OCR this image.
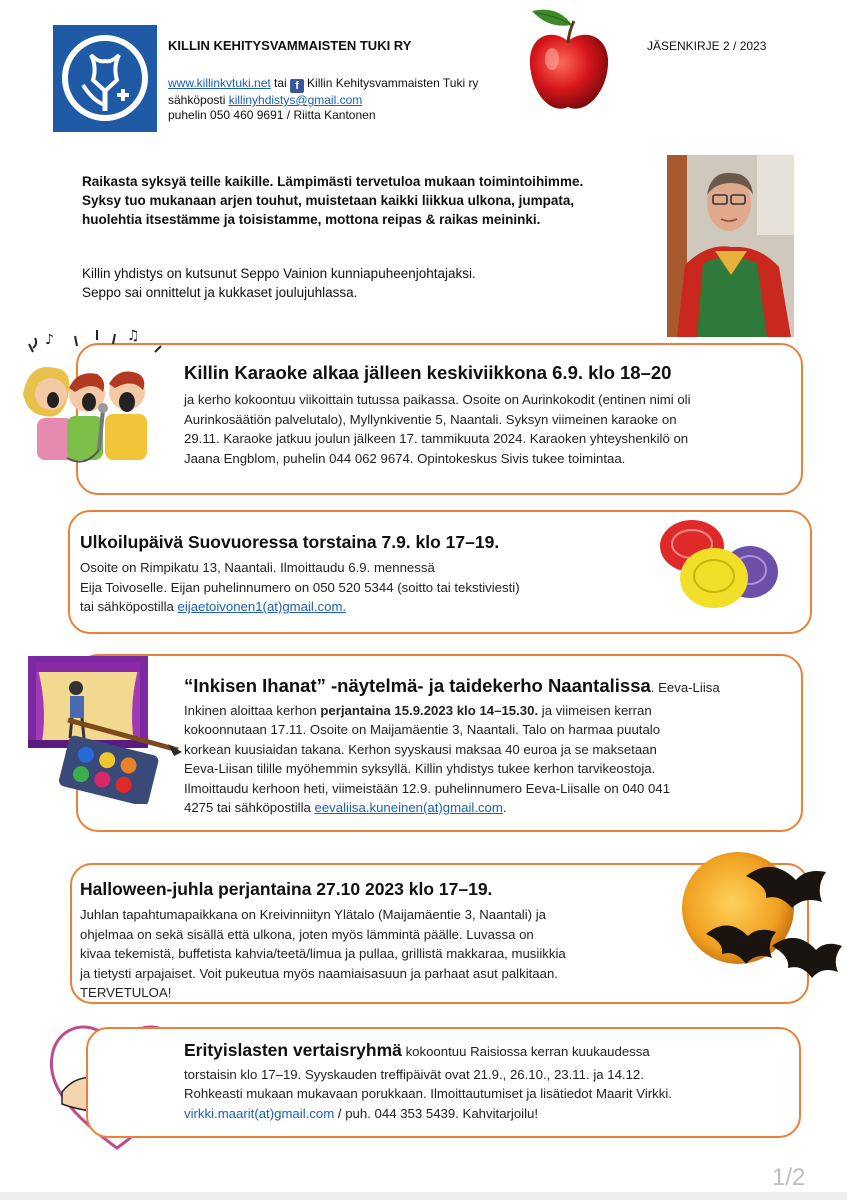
KILLIN KEHITYSVAMMAISTEN TUKI RY	JÄSENKIRJE 2 / 2023
www.killinkvtuki.net tai f Killin Kehitysvammaisten Tuki ry
sähköposti killinyhdistys@gmail.com
puhelin 050 460 9691 / Riitta Kantonen
Raikasta syksyä teille kaikille. Lämpimästi tervetuloa mukaan toimintoihimme.
Syksy tuo mukanaan arjen touhut, muistetaan kaikki liikkua ulkona, jumpata,
huolehtia itsestämme ja toisistamme, mottona reipas & raikas meininki.
Killin yhdistys on kutsunut Seppo Vainion kunniapuheenjohtajaksi.
Seppo sai onnittelut ja kukkaset joulujuhlassa.
♪	♫
Killin Karaoke alkaa jälleen keskiviikkona 6.9. klo 18–20
ja kerho kokoontuu viikoittain tutussa paikassa. Osoite on Aurinkokodit (entinen nimi oli
Aurinkosäätiön palvelutalo), Myllynkiventie 5, Naantali. Syksyn viimeinen karaoke on
29.11. Karaoke jatkuu joulun jälkeen 17. tammikuuta 2024. Karaoken yhteyshenkilö on
Jaana Engblom, puhelin 044 062 9674. Opintokeskus Sivis tukee toimintaa.
Ulkoilupäivä Suovuoressa torstaina 7.9. klo 17–19.
Osoite on Rimpikatu 13, Naantali. Ilmoittaudu 6.9. mennessä
Eija Toivoselle. Eijan puhelinnumero on 050 520 5344 (soitto tai tekstiviesti)
tai sähköpostilla eijaetoivonen1(at)gmail.com.
“Inkisen Ihanat” -näytelmä- ja taidekerho Naantalissa. Eeva-Liisa
Inkinen aloittaa kerhon perjantaina 15.9.2023 klo 14–15.30. ja viimeisen kerran
kokoonnutaan 17.11. Osoite on Maijamäentie 3, Naantali. Talo on harmaa puutalo
korkean kuusiaidan takana. Kerhon syyskausi maksaa 40 euroa ja se maksetaan
Eeva-Liisan tilille myöhemmin syksyllä. Killin yhdistys tukee kerhon tarvikeostoja.
Ilmoittaudu kerhoon heti, viimeistään 12.9. puhelinnumero Eeva-Liisalle on 040 041
4275 tai sähköpostilla eevaliisa.kuneinen(at)gmail.com.
Halloween-juhla perjantaina 27.10 2023 klo 17–19.
Juhlan tapahtumapaikkana on Kreivinniityn Ylätalo (Maijamäentie 3, Naantali) ja
ohjelmaa on sekä sisällä että ulkona, joten myös lämmintä päälle. Luvassa on
kivaa tekemistä, buffetista kahvia/teetä/limua ja pullaa, grillistä makkaraa, musiikkia
ja tietysti arpajaiset. Voit pukeutua myös naamiaisasuun ja parhaat asut palkitaan.
TERVETULOA!
Erityislasten vertaisryhmä kokoontuu Raisiossa kerran kuukaudessa
torstaisin klo 17–19. Syyskauden treffipäivät ovat 21.9., 26.10., 23.11. ja 14.12.
Rohkeasti mukaan mukavaan porukkaan. Ilmoittautumiset ja lisätiedot Maarit Virkki.
virkki.maarit(at)gmail.com / puh. 044 353 5439. Kahvitarjoilu!
1/2
